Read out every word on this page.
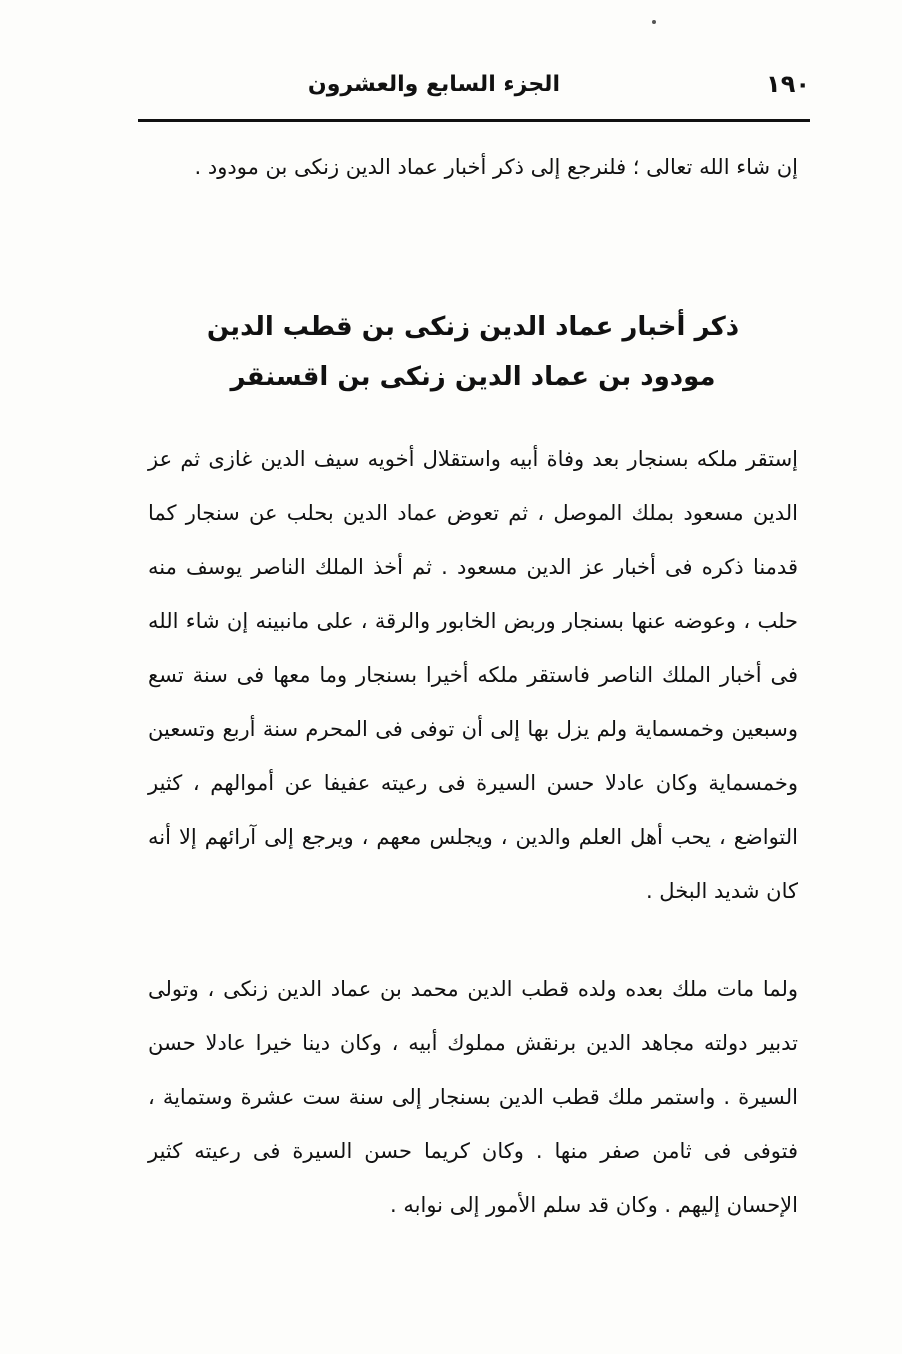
١٩٠
الجزء السابع والعشرون

إن شاء الله تعالى ؛ فلنرجع إلى ذكر أخبار عماد الدين زنكى بن مودود .

ذكر أخبار عماد الدين زنكى بن قطب الدين
مودود بن عماد الدين زنكى بن اقسنقر

إستقر ملكه بسنجار بعد وفاة أبيه واستقلال أخويه سيف الدين غازى ثم عز الدين مسعود بملك الموصل ، ثم تعوض عماد الدين بحلب عن سنجار كما قدمنا ذكره فى أخبار عز الدين مسعود . ثم أخذ الملك الناصر يوسف منه حلب ، وعوضه عنها بسنجار وربض الخابور والرقة ، على مانبينه إن شاء الله فى أخبار الملك الناصر فاستقر ملكه أخيرا بسنجار وما معها فى سنة تسع وسبعين وخمسماية ولم يزل بها إلى أن توفى فى المحرم سنة أربع وتسعين وخمسماية وكان عادلا حسن السيرة فى رعيته عفيفا عن أموالهم ، كثير التواضع ، يحب أهل العلم والدين ، ويجلس معهم ، ويرجع إلى آرائهم إلا أنه كان شديد البخل .

ولما مات ملك بعده ولده قطب الدين محمد بن عماد الدين زنكى ، وتولى تدبير دولته مجاهد الدين برنقش مملوك أبيه ، وكان دينا خيرا عادلا حسن السيرة . واستمر ملك قطب الدين بسنجار إلى سنة ست عشرة وستماية ، فتوفى فى ثامن صفر منها . وكان كريما حسن السيرة فى رعيته كثير الإحسان إليهم . وكان قد سلم الأمور إلى نوابه .
